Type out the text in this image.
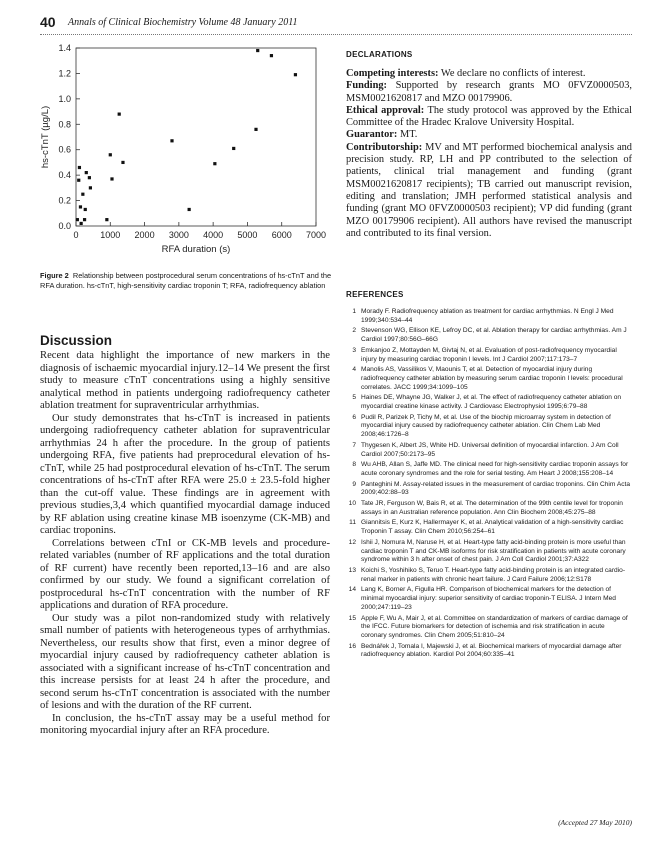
40 Annals of Clinical Biochemistry Volume 48 January 2011
0 1000 2000 3000 4000 5000 6000 7000
0.0
0.2
0.4
0.6
0.8
1.0
1.2
1.4
RFA duration (s)
hs-cTnT (µg/L)
Figure 2 Relationship between postprocedural serum concentrations of hs-cTnT and the RFA duration. hs-cTnT, high-sensitivity cardiac troponin T; RFA, radiofrequency ablation
Discussion

Recent data highlight the importance of new markers in the diagnosis of ischaemic myocardial injury.12–14 We present the first study to measure cTnT concentrations using a highly sensitive analytical method in patients undergoing radiofrequency catheter ablation treatment for supraventricular arrhythmias.

Our study demonstrates that hs-cTnT is increased in patients undergoing radiofrequency catheter ablation for supraventricular arrhythmias 24 h after the procedure. In the group of patients undergoing RFA, five patients had preprocedural elevation of hs-cTnT, while 25 had postprocedural elevation of hs-cTnT. The serum concentrations of hs-cTnT after RFA were 25.0 ± 23.5-fold higher than the cut-off value. These findings are in agreement with previous studies,3,4 which quantified myocardial damage induced by RF ablation using creatine kinase MB isoenzyme (CK-MB) and cardiac troponins.

Correlations between cTnI or CK-MB levels and procedure-related variables (number of RF applications and the total duration of RF current) have recently been reported,13–16 and are also confirmed by our study. We found a significant correlation of postprocedural hs-cTnT concentration with the number of RF applications and duration of RFA procedure.

Our study was a pilot non-randomized study with relatively small number of patients with heterogeneous types of arrhythmias. Nevertheless, our results show that first, even a minor degree of myocardial injury caused by radiofrequency catheter ablation is associated with a significant increase of hs-cTnT concentration and this increase persists for at least 24 h after the procedure, and second serum hs-cTnT concentration is associated with the number of lesions and with the duration of the RF current.

In conclusion, the hs-cTnT assay may be a useful method for monitoring myocardial injury after an RFA procedure.

DECLARATIONS

Competing interests: We declare no conflicts of interest.

Funding: Supported by research grants MO 0FVZ0000503, MSM0021620817 and MZO 00179906.

Ethical approval: The study protocol was approved by the Ethical Committee of the Hradec Kralove University Hospital.

Guarantor: MT.

Contributorship: MV and MT performed biochemical analysis and precision study. RP, LH and PP contributed to the selection of patients, clinical trial management and funding (grant MSM0021620817 recipients); TB carried out manuscript revision, editing and translation; JMH performed statistical analysis and funding (grant MO 0FVZ0000503 recipient); VP did funding (grant MZO 00179906 recipient). All authors have revised the manuscript and contributed to its final version.

REFERENCES
1 Morady F. Radiofrequency ablation as treatment for cardiac arrhythmias. N Engl J Med 1999;340:534–44
2 Stevenson WG, Ellison KE, Lefroy DC, et al. Ablation therapy for cardiac arrhythmias. Am J Cardiol 1997;80:56G–66G
3 Emkanjoo Z, Mottayden M, Givtaj N, et al. Evaluation of post-radiofrequency myocardial injury by measuring cardiac troponin I levels. Int J Cardiol 2007;117:173–7
4 Manolis AS, Vassilikos V, Maounis T, et al. Detection of myocardial injury during radiofrequency catheter ablation by measuring serum cardiac troponin I levels: procedural correlates. JACC 1999;34:1099–105
5 Haines DE, Whayne JG, Walker J, et al. The effect of radiofrequency catheter ablation on myocardial creatine kinase activity. J Cardiovasc Electrophysiol 1995;6:79–88
6 Pudil R, Parizek P, Tichy M, et al. Use of the biochip microarray system in detection of myocardial injury caused by radiofrequency catheter ablation. Clin Chem Lab Med 2008;46:1726–8
7 Thygesen K, Albert JS, White HD. Universal definition of myocardial infarction. J Am Coll Cardiol 2007;50:2173–95
8 Wu AHB, Allan S, Jaffe MD. The clinical need for high-sensitivity cardiac troponin assays for acute coronary syndromes and the role for serial testing. Am Heart J 2008;155:208–14
9 Panteghini M. Assay-related issues in the measurement of cardiac troponins. Clin Chim Acta 2009;402:88–93
10 Tate JR, Ferguson W, Bais R, et al. The determination of the 99th centile level for troponin assays in an Australian reference population. Ann Clin Biochem 2008;45:275–88
11 Giannitsis E, Kurz K, Hallermayer K, et al. Analytical validation of a high-sensitivity cardiac Troponin T assay. Clin Chem 2010;56:254–61
12 Ishii J, Nomura M, Naruse H, et al. Heart-type fatty acid-binding protein is more useful than cardiac troponin T and CK-MB isoforms for risk stratification in patients with acute coronary syndrome within 3 h after onset of chest pain. J Am Coll Cardiol 2001;37:A322
13 Koichi S, Yoshihiko S, Teruo T. Heart-type fatty acid-binding protein is an integrated cardio-renal marker in patients with chronic heart failure. J Card Failure 2006;12:S178
14 Lang K, Borner A, Figulla HR. Comparison of biochemical markers for the detection of minimal myocardial injury: superior sensitivity of cardiac troponin-T ELISA. J Intern Med 2000;247:119–23
15 Apple F, Wu A, Mair J, et al. Committee on standardization of markers of cardiac damage of the IFCC. Future biomarkers for detection of ischemia and risk stratification in acute coronary syndromes. Clin Chem 2005;51:810–24
16 Bednářek J, Tomala I, Majewski J, et al. Biochemical markers of myocardial damage after radiofrequency ablation. Kardiol Pol 2004;60:335–41
(Accepted 27 May 2010)
